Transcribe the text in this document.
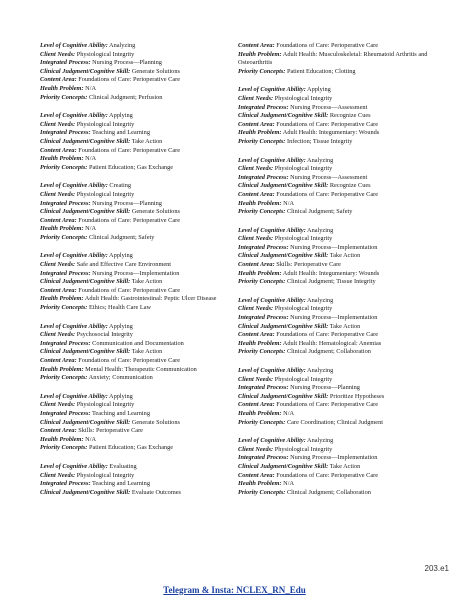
Level of Cognitive Ability: Analyzing
Client Needs: Physiological Integrity
Integrated Process: Nursing Process—Planning
Clinical Judgment/Cognitive Skill: Generate Solutions
Content Area: Foundations of Care: Perioperative Care
Health Problem: N/A
Priority Concepts: Clinical Judgment; Perfusion
Level of Cognitive Ability: Applying
Client Needs: Physiological Integrity
Integrated Process: Teaching and Learning
Clinical Judgment/Cognitive Skill: Take Action
Content Area: Foundations of Care: Perioperative Care
Health Problem: N/A
Priority Concepts: Patient Education; Gas Exchange
Level of Cognitive Ability: Creating
Client Needs: Physiological Integrity
Integrated Process: Nursing Process—Planning
Clinical Judgment/Cognitive Skill: Generate Solutions
Content Area: Foundations of Care: Perioperative Care
Health Problem: N/A
Priority Concepts: Clinical Judgment; Safety
Level of Cognitive Ability: Applying
Client Needs: Safe and Effective Care Environment
Integrated Process: Nursing Process—Implementation
Clinical Judgment/Cognitive Skill: Take Action
Content Area: Foundations of Care: Perioperative Care
Health Problem: Adult Health: Gastrointestinal: Peptic Ulcer Disease
Priority Concepts: Ethics; Health Care Law
Level of Cognitive Ability: Applying
Client Needs: Psychosocial Integrity
Integrated Process: Communication and Documentation
Clinical Judgment/Cognitive Skill: Take Action
Content Area: Foundations of Care: Perioperative Care
Health Problem: Mental Health: Therapeutic Communication
Priority Concepts: Anxiety; Communication
Level of Cognitive Ability: Applying
Client Needs: Physiological Integrity
Integrated Process: Teaching and Learning
Clinical Judgment/Cognitive Skill: Generate Solutions
Content Area: Skills: Perioperative Care
Health Problem: N/A
Priority Concepts: Patient Education; Gas Exchange
Level of Cognitive Ability: Evaluating
Client Needs: Physiological Integrity
Integrated Process: Teaching and Learning
Clinical Judgment/Cognitive Skill: Evaluate Outcomes
Content Area: Foundations of Care: Perioperative Care
Health Problem: Adult Health: Musculoskeletal: Rheumatoid Arthritis and Osteoarthritis
Priority Concepts: Patient Education; Clotting
Level of Cognitive Ability: Applying
Client Needs: Physiological Integrity
Integrated Process: Nursing Process—Assessment
Clinical Judgment/Cognitive Skill: Recognize Cues
Content Area: Foundations of Care: Perioperative Care
Health Problem: Adult Health: Integumentary: Wounds
Priority Concepts: Infection; Tissue Integrity
Level of Cognitive Ability: Analyzing
Client Needs: Physiological Integrity
Integrated Process: Nursing Process—Assessment
Clinical Judgment/Cognitive Skill: Recognize Cues
Content Area: Foundations of Care: Perioperative Care
Health Problem: N/A
Priority Concepts: Clinical Judgment; Safety
Level of Cognitive Ability: Analyzing
Client Needs: Physiological Integrity
Integrated Process: Nursing Process—Implementation
Clinical Judgment/Cognitive Skill: Take Action
Content Area: Skills: Perioperative Care
Health Problem: Adult Health: Integumentary: Wounds
Priority Concepts: Clinical Judgment; Tissue Integrity
Level of Cognitive Ability: Analyzing
Client Needs: Physiological Integrity
Integrated Process: Nursing Process—Implementation
Clinical Judgment/Cognitive Skill: Take Action
Content Area: Foundations of Care: Perioperative Care
Health Problem: Adult Health: Hematological: Anemias
Priority Concepts: Clinical Judgment; Collaboration
Level of Cognitive Ability: Analyzing
Client Needs: Physiological Integrity
Integrated Process: Nursing Process—Planning
Clinical Judgment/Cognitive Skill: Prioritize Hypotheses
Content Area: Foundations of Care: Perioperative Care
Health Problem: N/A
Priority Concepts: Care Coordination; Clinical Judgment
Level of Cognitive Ability: Analyzing
Client Needs: Physiological Integrity
Integrated Process: Nursing Process—Implementation
Clinical Judgment/Cognitive Skill: Take Action
Content Area: Foundations of Care: Perioperative Care
Health Problem: N/A
Priority Concepts: Clinical Judgment; Collaboration
203.e1
Telegram & Insta: NCLEX_RN_Edu
